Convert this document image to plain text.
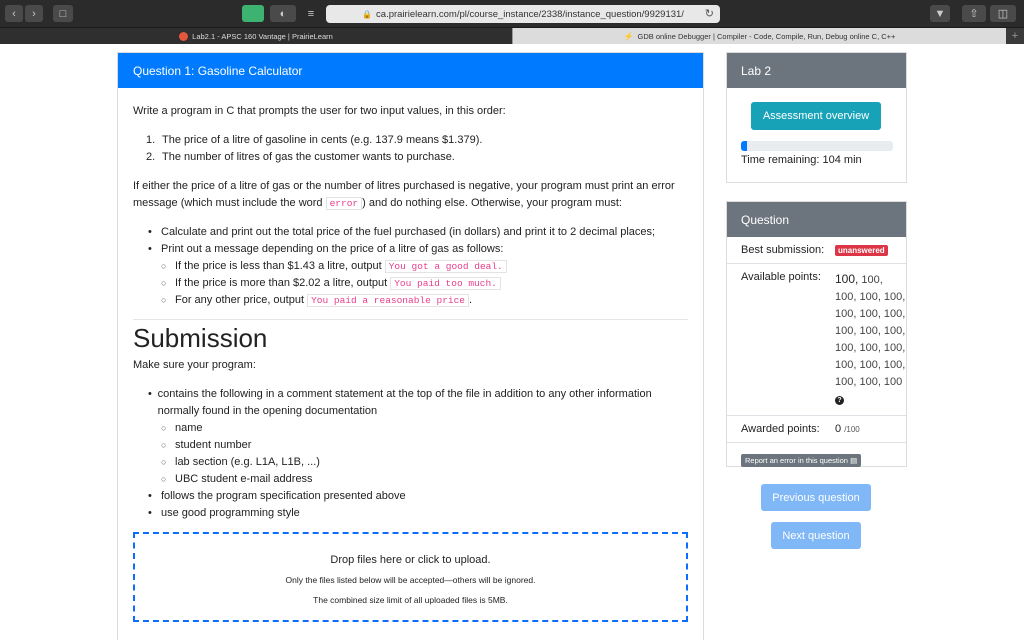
‹	›	□	◐	≡	🔒 ca.prairielearn.com/pl/course_instance/2338/instance_question/9929131/ ↻	▼	⇧	◫
Lab2.1 - APSC 160 Vantage | PrairieLearn	⚡ GDB online Debugger | Compiler - Code, Compile, Run, Debug online C, C++	+
Question 1: Gasoline Calculator

Write a program in C that prompts the user for two input values, in this order:

1. The price of a litre of gasoline in cents (e.g. 137.9 means $1.379).
2. The number of litres of gas the customer wants to purchase.

If either the price of a litre of gas or the number of litres purchased is negative, your program must print an error message (which must include the word error ) and do nothing else. Otherwise, your program must:

• Calculate and print out the total price of the fuel purchased (in dollars) and print it to 2 decimal places;
• Print out a message depending on the price of a litre of gas as follows:
○ If the price is less than $1.43 a litre, output You got a good deal.
○ If the price is more than $2.02 a litre, output You paid too much.
○ For any other price, output You paid a reasonable price .
Submission

Make sure your program:

• contains the following in a comment statement at the top of the file in addition to any other information normally found in the opening documentation
○ name
○ student number
○ lab section (e.g. L1A, L1B, ...)
○ UBC student e-mail address
• follows the program specification presented above
• use good programming style
Drop files here or click to upload.
Only the files listed below will be accepted—others will be ignored.
The combined size limit of all uploaded files is 5MB.
Lab 2
Assessment overview
Time remaining: 104 min
Question
Best submission:	unanswered
Available points:	100, 100,
100, 100, 100,
100, 100, 100,
100, 100, 100,
100, 100, 100,
100, 100, 100,
100, 100, 100
?
Awarded points:	0 /100
Report an error in this question ▤
Previous question
Next question
